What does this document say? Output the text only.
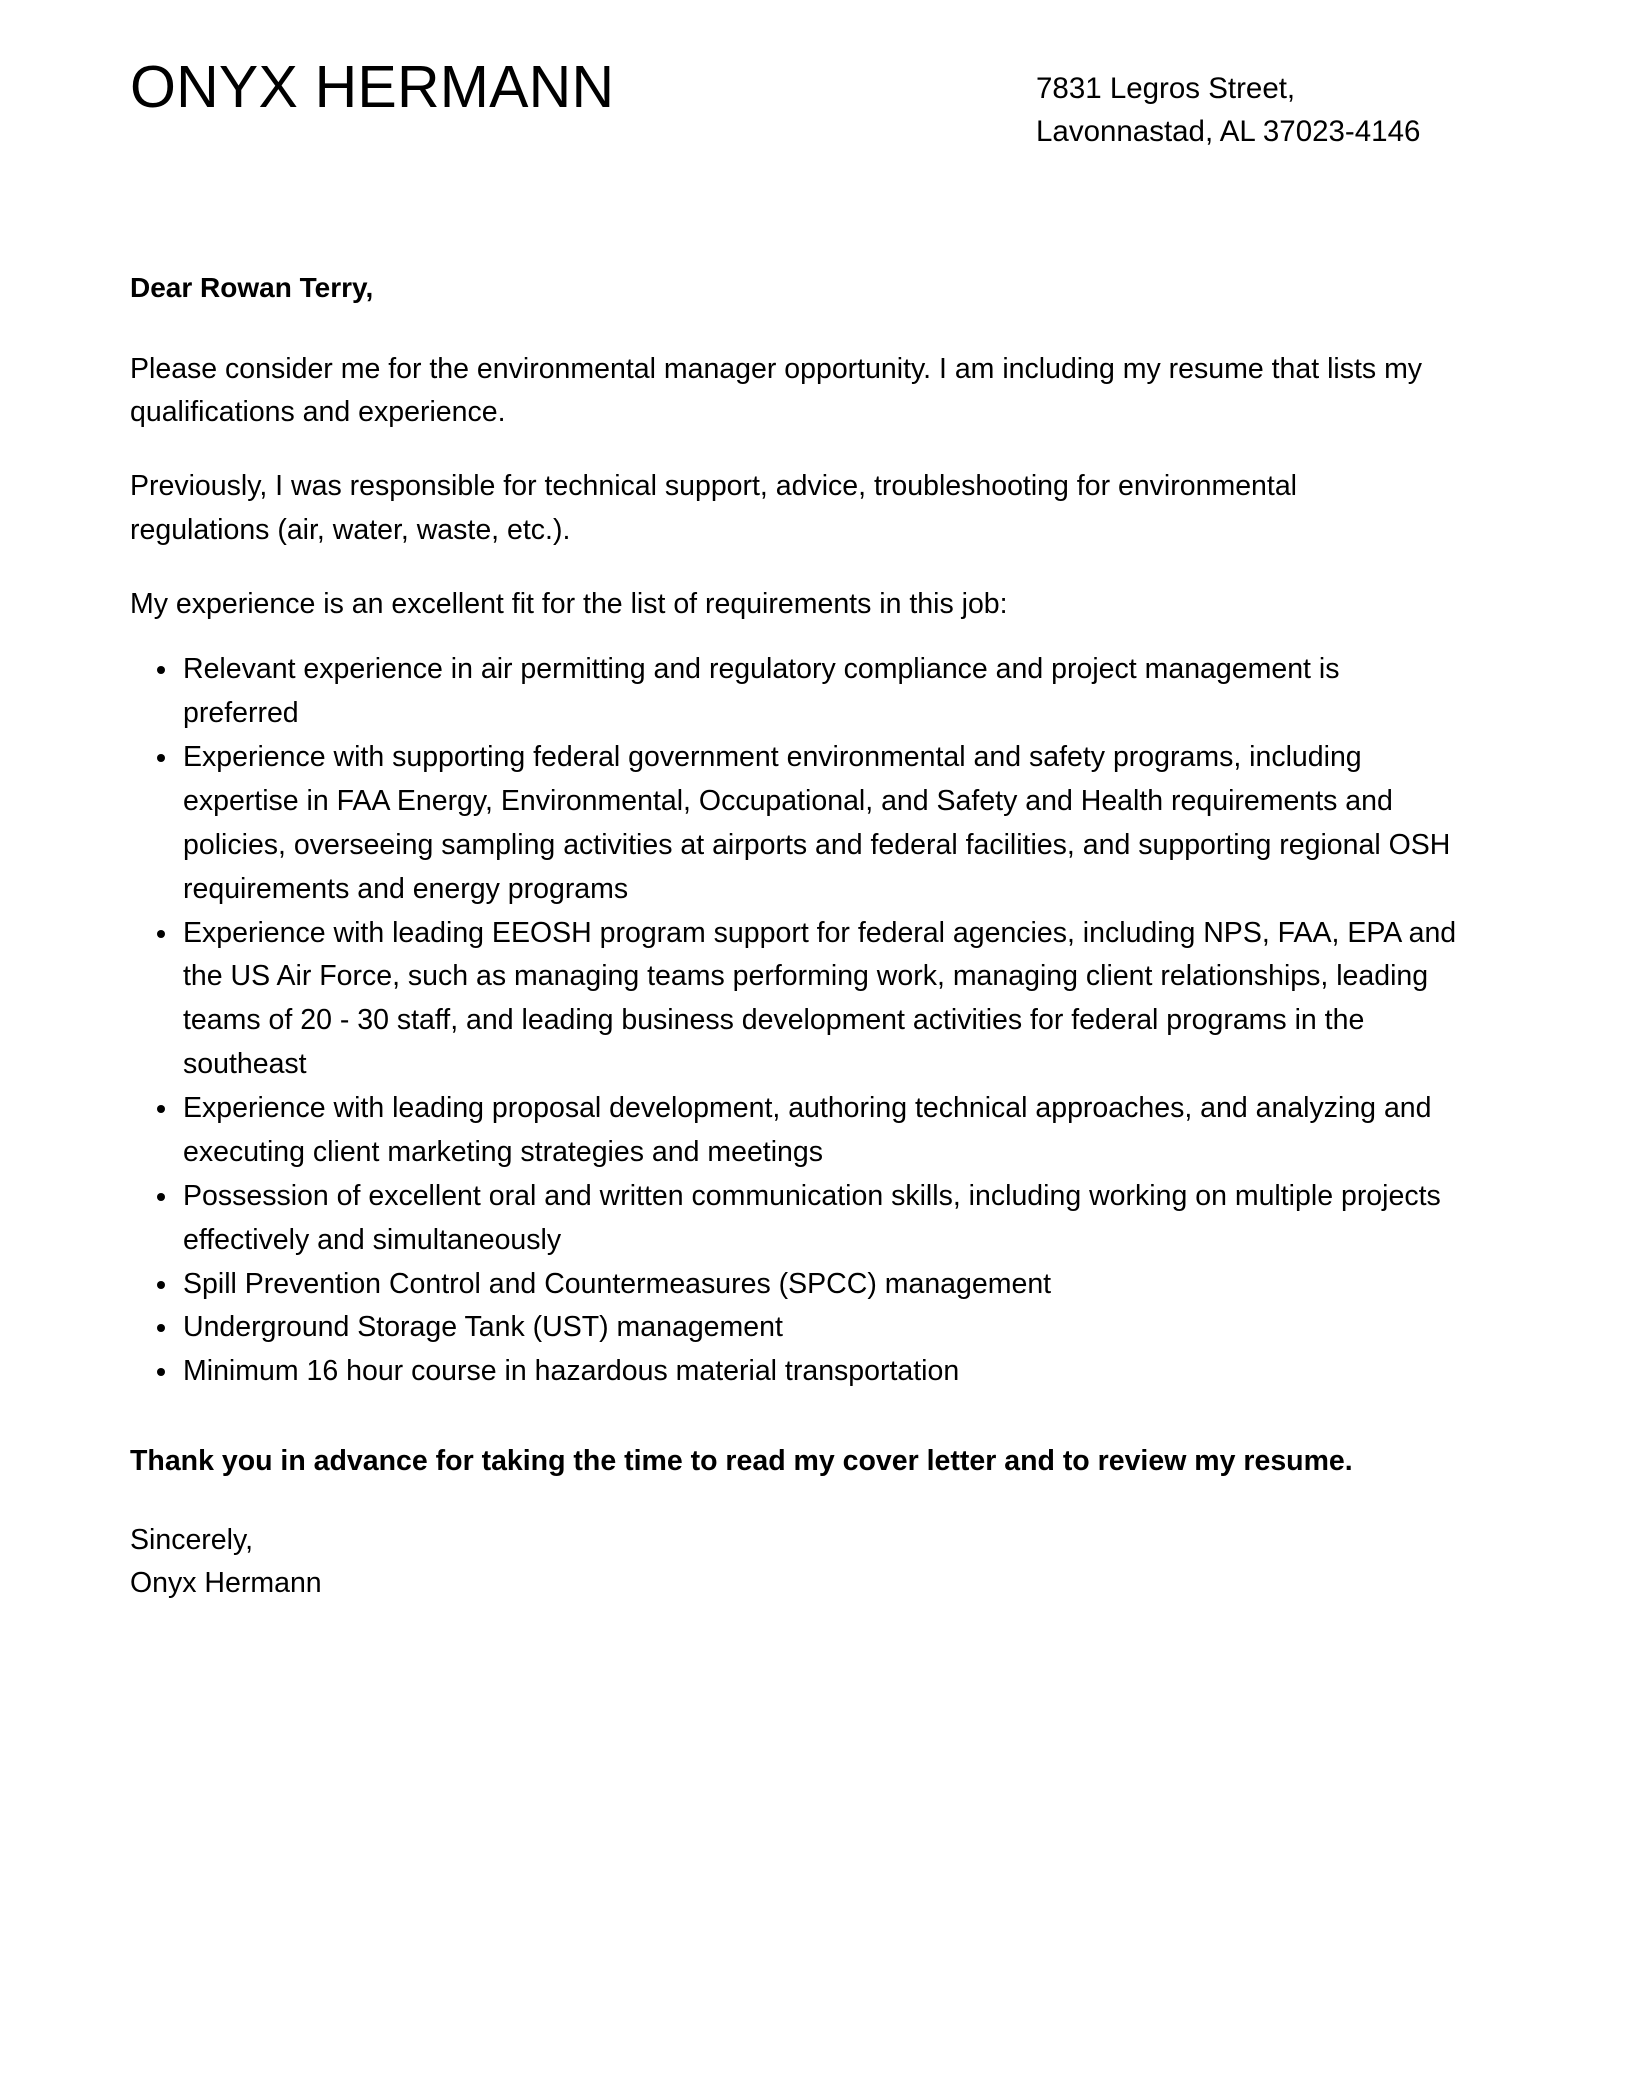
ONYX HERMANN	7831 Legros Street,
Lavonnastad, AL 37023-4146

Dear Rowan Terry,

Please consider me for the environmental manager opportunity. I am including my resume that lists my qualifications and experience.

Previously, I was responsible for technical support, advice, troubleshooting for environmental regulations (air, water, waste, etc.).

My experience is an excellent fit for the list of requirements in this job:

Relevant experience in air permitting and regulatory compliance and project management is preferred
Experience with supporting federal government environmental and safety programs, including expertise in FAA Energy, Environmental, Occupational, and Safety and Health requirements and policies, overseeing sampling activities at airports and federal facilities, and supporting regional OSH requirements and energy programs
Experience with leading EEOSH program support for federal agencies, including NPS, FAA, EPA and the US Air Force, such as managing teams performing work, managing client relationships, leading teams of 20 - 30 staff, and leading business development activities for federal programs in the southeast
Experience with leading proposal development, authoring technical approaches, and analyzing and executing client marketing strategies and meetings
Possession of excellent oral and written communication skills, including working on multiple projects effectively and simultaneously
Spill Prevention Control and Countermeasures (SPCC) management
Underground Storage Tank (UST) management
Minimum 16 hour course in hazardous material transportation

Thank you in advance for taking the time to read my cover letter and to review my resume.

Sincerely,
Onyx Hermann
